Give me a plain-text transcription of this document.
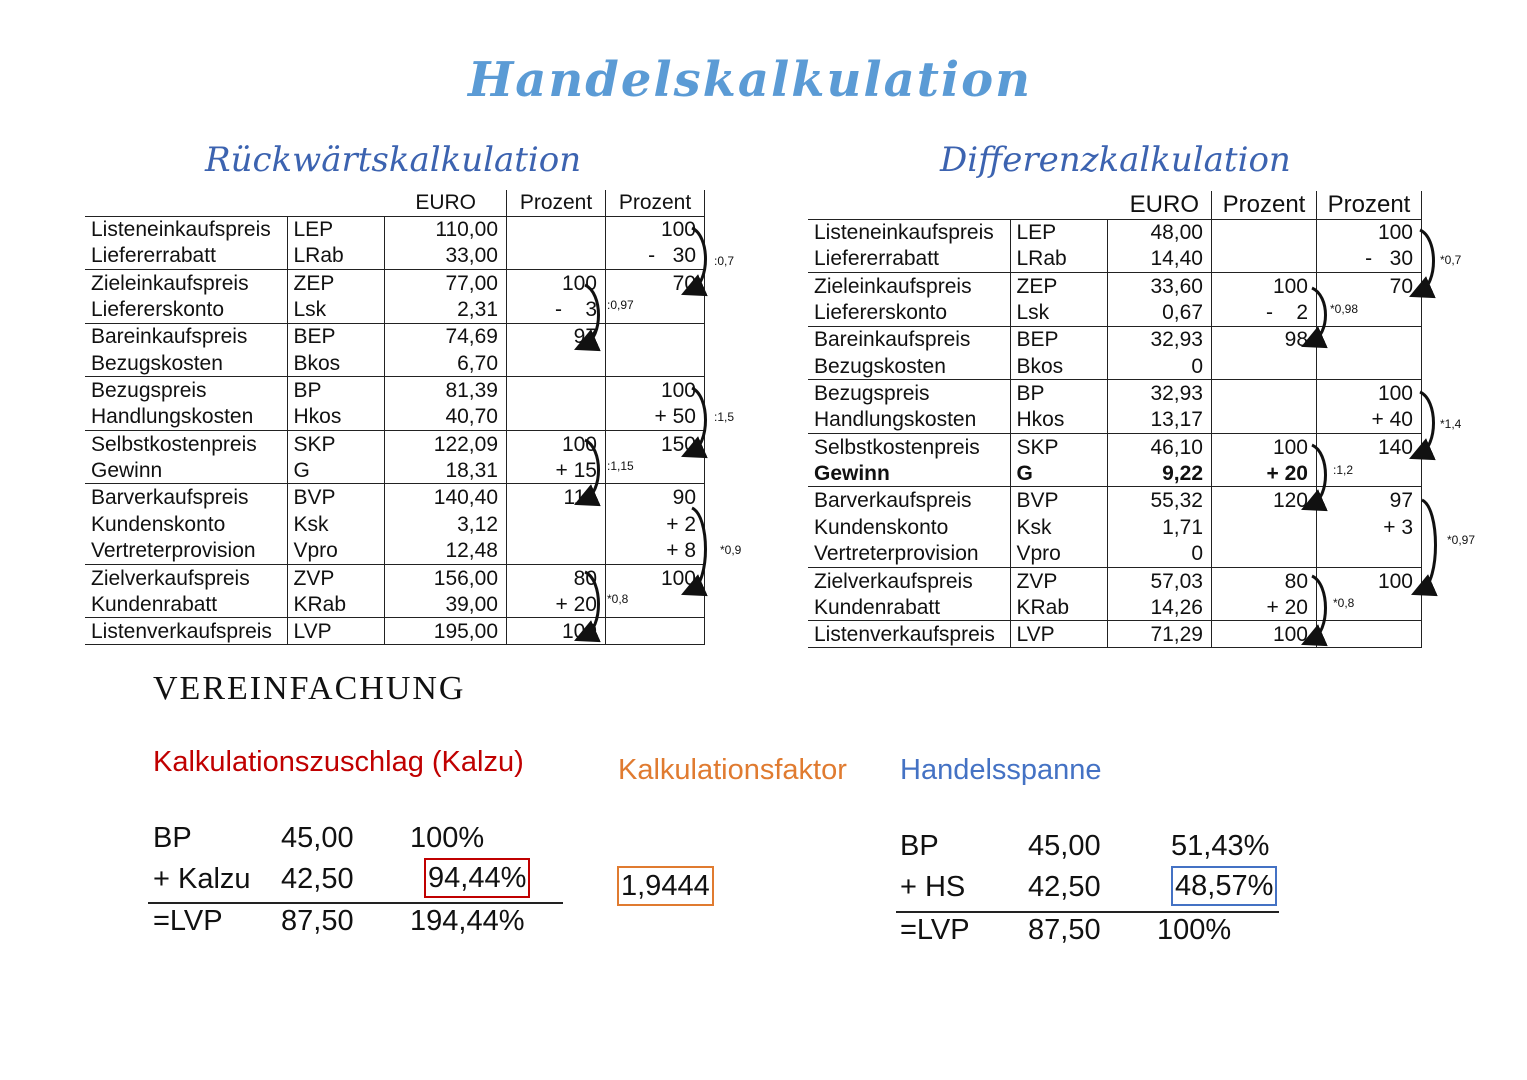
Handelskalkulation
Rückwärtskalkulation
		EURO	Prozent	Prozent
Listeneinkaufspreis	LEP	110,00		100
Liefererrabatt	LRab	33,00		-   30
Zieleinkaufspreis	ZEP	77,00	100	70
Liefererskonto	Lsk	2,31	-    3	
Bareinkaufspreis	BEP	74,69	97	
Bezugskosten	Bkos	6,70		
Bezugspreis	BP	81,39		100
Handlungskosten	Hkos	40,70		+ 50
Selbstkostenpreis	SKP	122,09	100	150
Gewinn	G	18,31	+ 15	
Barverkaufspreis	BVP	140,40	115	90
Kundenskonto	Ksk	3,12		+ 2
Vertreterprovision	Vpro	12,48		+ 8
Zielverkaufspreis	ZVP	156,00	80	100
Kundenrabatt	KRab	39,00	+ 20	
Listenverkaufspreis	LVP	195,00	100	
Differenzkalkulation
		EURO	Prozent	Prozent
Listeneinkaufspreis	LEP	48,00		100
Liefererrabatt	LRab	14,40		-   30
Zieleinkaufspreis	ZEP	33,60	100	70
Liefererskonto	Lsk	0,67	-    2	
Bareinkaufspreis	BEP	32,93	98	
Bezugskosten	Bkos	0		
Bezugspreis	BP	32,93		100
Handlungskosten	Hkos	13,17		+ 40
Selbstkostenpreis	SKP	46,10	100	140
Gewinn	G	9,22	+ 20	
Barverkaufspreis	BVP	55,32	120	97
Kundenskonto	Ksk	1,71		+ 3
Vertreterprovision	Vpro	0		
Zielverkaufspreis	ZVP	57,03	80	100
Kundenrabatt	KRab	14,26	+ 20	
Listenverkaufspreis	LVP	71,29	100	
:0,7
:0,97
:1,5
:1,15
*0,9
*0,8
*0,7
*0,98
*1,4
:1,2
*0,97
*0,8
VEREINFACHUNG
Kalkulationszuschlag (Kalzu)
BP	45,00 100%
+ Kalzu 42,50	94,44%
=LVP 87,50 194,44%
Kalkulationsfaktor
1,9444
Handelsspanne
BP	45,00 51,43%
+ HS 42,50	48,57%
=LVP 87,50 100%
